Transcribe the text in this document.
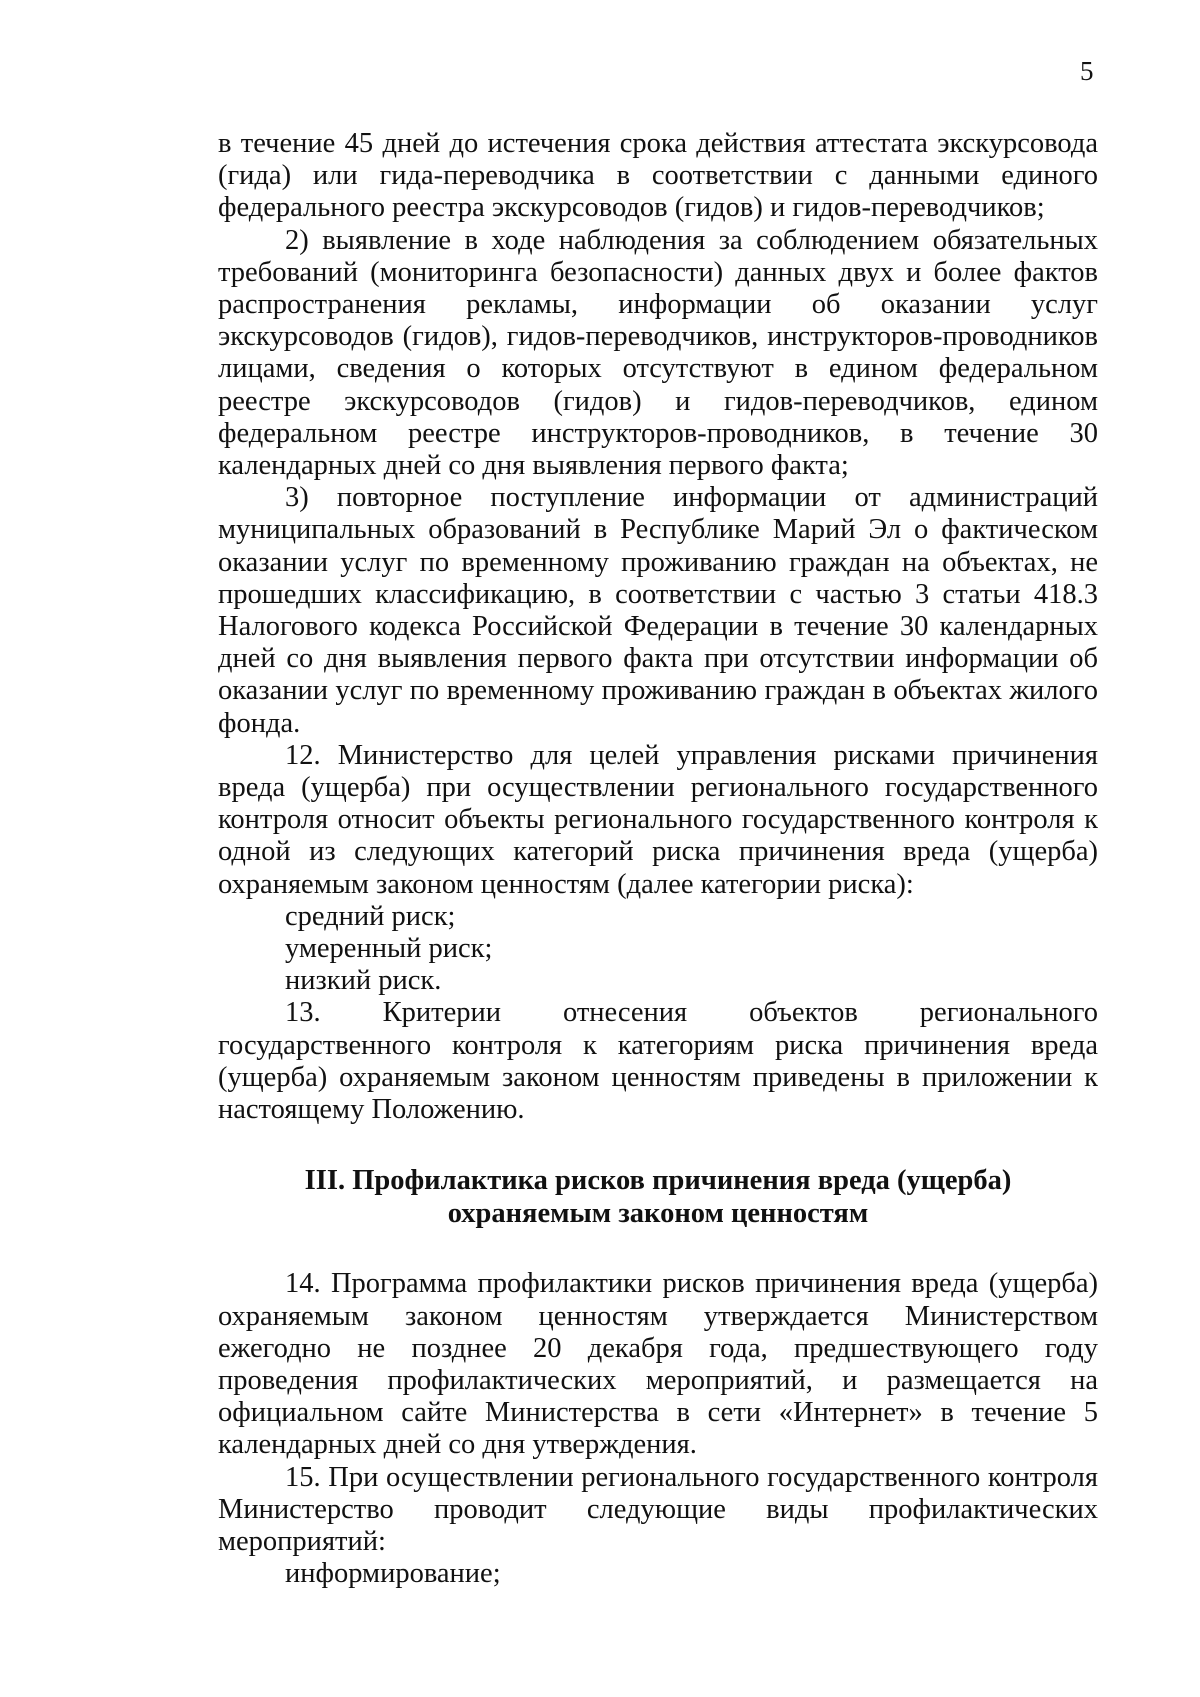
5

в течение 45 дней до истечения срока действия аттестата экскурсовода (гида) или гида-переводчика в соответствии с данными единого федерального реестра экскурсоводов (гидов) и гидов-переводчиков;

2) выявление в ходе наблюдения за соблюдением обязательных требований (мониторинга безопасности) данных двух и более фактов распространения рекламы, информации об оказании услуг экскурсоводов (гидов), гидов-переводчиков, инструкторов-проводников лицами, сведения о которых отсутствуют в едином федеральном реестре экскурсоводов (гидов) и гидов-переводчиков, едином федеральном реестре инструкторов-проводников, в течение 30 календарных дней со дня выявления первого факта;

3) повторное поступление информации от администраций муниципальных образований в Республике Марий Эл о фактическом оказании услуг по временному проживанию граждан на объектах, не прошедших классификацию, в соответствии с частью 3 статьи 418.3 Налогового кодекса Российской Федерации в течение 30 календарных дней со дня выявления первого факта при отсутствии информации об оказании услуг по временному проживанию граждан в объектах жилого фонда.

12. Министерство для целей управления рисками причинения вреда (ущерба) при осуществлении регионального государственного контроля относит объекты регионального государственного контроля к одной из следующих категорий риска причинения вреда (ущерба) охраняемым законом ценностям (далее категории риска):

средний риск;

умеренный риск;

низкий риск.

13. Критерии отнесения объектов регионального государственного контроля к категориям риска причинения вреда (ущерба) охраняемым законом ценностям приведены в приложении к настоящему Положению.

III. Профилактика рисков причинения вреда (ущерба)
охраняемым законом ценностям

14. Программа профилактики рисков причинения вреда (ущерба) охраняемым законом ценностям утверждается Министерством ежегодно не позднее 20 декабря года, предшествующего году проведения профилактических мероприятий, и размещается на официальном сайте Министерства в сети «Интернет» в течение 5 календарных дней со дня утверждения.

15. При осуществлении регионального государственного контроля Министерство проводит следующие виды профилактических мероприятий:

информирование;
